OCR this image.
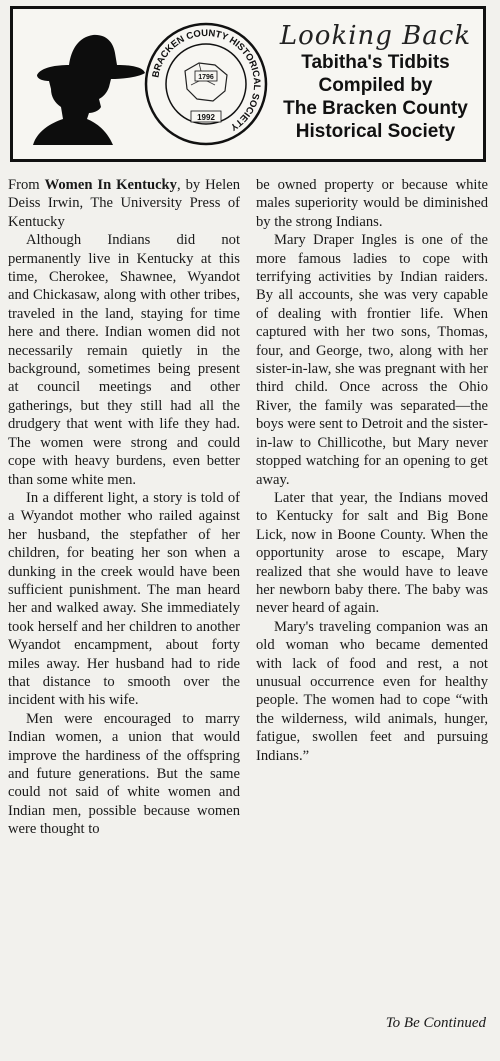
BRACKEN COUNTY HISTORICAL SOCIETY
1796
1992
Looking Back
Tabitha's Tidbits
Compiled by
The Bracken County
Historical Society

From Women In Kentucky, by Helen Deiss Irwin, The University Press of Kentucky

Although Indians did not permanently live in Kentucky at this time, Cherokee, Shawnee, Wyandot and Chickasaw, along with other tribes, traveled in the land, staying for time here and there. Indian women did not necessarily remain quietly in the background, sometimes being present at council meetings and other gatherings, but they still had all the drudgery that went with life they had. The women were strong and could cope with heavy burdens, even better than some white men.

In a different light, a story is told of a Wyandot mother who railed against her husband, the stepfather of her children, for beating her son when a dunking in the creek would have been sufficient punishment. The man heard her and walked away. She immediately took herself and her children to another Wyandot encampment, about forty miles away. Her husband had to ride that distance to smooth over the incident with his wife.

Men were encouraged to marry Indian women, a union that would improve the hardiness of the offspring and future generations. But the same could not said of white women and Indian men, possible because women were thought to

be owned property or because white males superiority would be diminished by the strong Indians.

Mary Draper Ingles is one of the more famous ladies to cope with terrifying activities by Indian raiders. By all accounts, she was very capable of dealing with frontier life. When captured with her two sons, Thomas, four, and George, two, along with her sister-in-law, she was pregnant with her third child. Once across the Ohio River, the family was separated—the boys were sent to Detroit and the sister-in-law to Chillicothe, but Mary never stopped watching for an opening to get away.

Later that year, the Indians moved to Kentucky for salt and Big Bone Lick, now in Boone County. When the opportunity arose to escape, Mary realized that she would have to leave her newborn baby there. The baby was never heard of again.

Mary's traveling companion was an old woman who became demented with lack of food and rest, a not unusual occurrence even for healthy people. The women had to cope “with the wilderness, wild animals, hunger, fatigue, swollen feet and pursuing Indians.”

To Be Continued
